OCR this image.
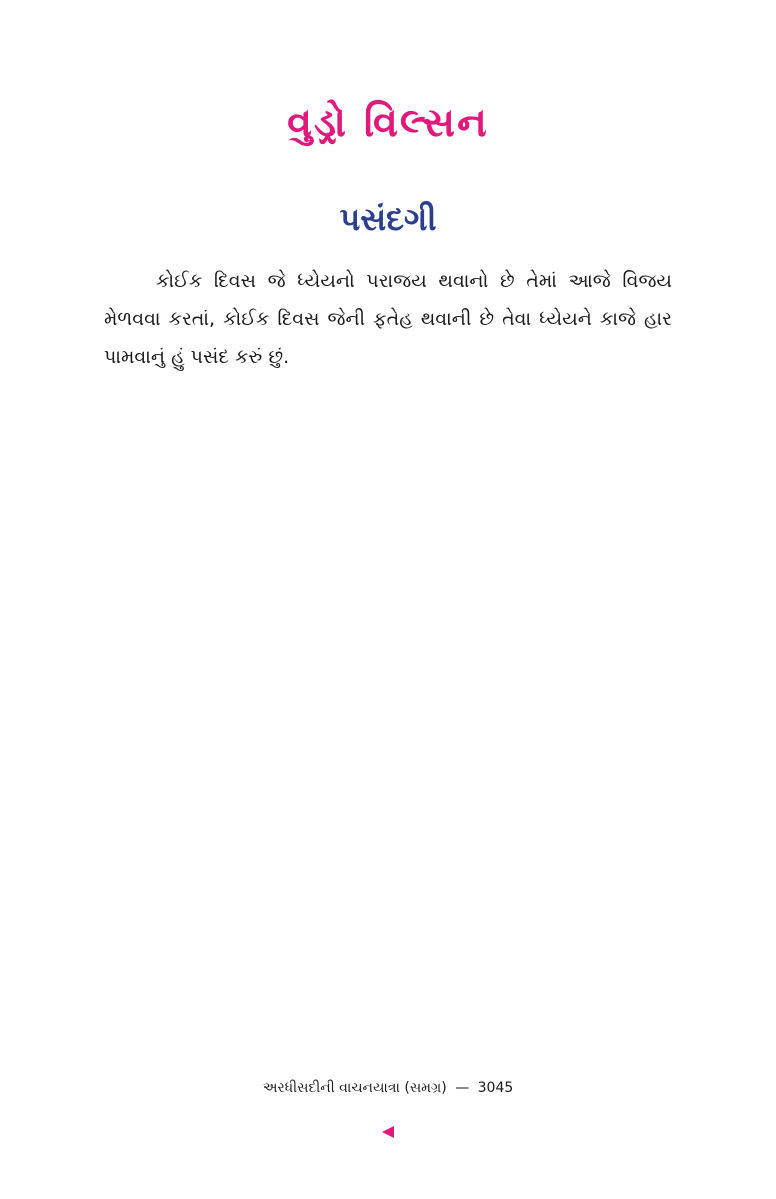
વુડ્રો વિલ્સન
પસંદગી

કોઈક દિવસ જે ધ્યેયનો પરાજય થવાનો છે તેમાં આજે વિજય મેળવવા કરતાં, કોઈક દિવસ જેની ફતેહ થવાની છે તેવા ધ્યેયને કાજે હાર પામવાનું હું પસંદ કરું છું.

અરધીસદીની વાચનયાત્રા (સમગ્ર) — 3045
